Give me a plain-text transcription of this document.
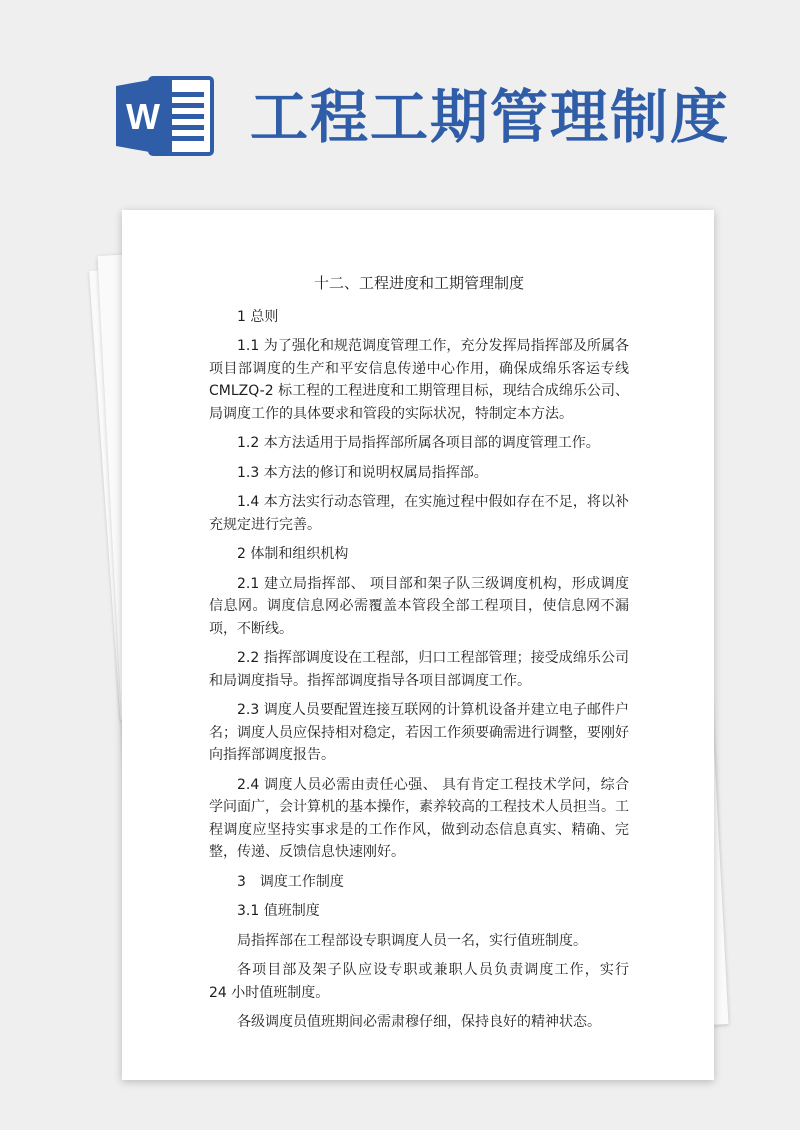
W 工程工期管理制度
十二、工程进度和工期管理制度

1 总则

1.1 为了强化和规范调度管理工作，充分发挥局指挥部及所属各项目部调度的生产和平安信息传递中心作用，确保成绵乐客运专线CMLZQ-2 标工程的工程进度和工期管理目标，现结合成绵乐公司、局调度工作的具体要求和管段的实际状况，特制定本方法。

1.2 本方法适用于局指挥部所属各项目部的调度管理工作。

1.3 本方法的修订和说明权属局指挥部。

1.4 本方法实行动态管理，在实施过程中假如存在不足，将以补充规定进行完善。

2 体制和组织机构

2.1 建立局指挥部、 项目部和架子队三级调度机构，形成调度信息网。调度信息网必需覆盖本管段全部工程项目，使信息网不漏项，不断线。

2.2 指挥部调度设在工程部，归口工程部管理；接受成绵乐公司和局调度指导。指挥部调度指导各项目部调度工作。

2.3 调度人员要配置连接互联网的计算机设备并建立电子邮件户名；调度人员应保持相对稳定，若因工作须要确需进行调整，要刚好向指挥部调度报告。

2.4 调度人员必需由责任心强、 具有肯定工程技术学问，综合学问面广，会计算机的基本操作，素养较高的工程技术人员担当。工程调度应坚持实事求是的工作作风，做到动态信息真实、精确、完整，传递、反馈信息快速刚好。

3　调度工作制度

3.1 值班制度

局指挥部在工程部设专职调度人员一名，实行值班制度。

各项目部及架子队应设专职或兼职人员负责调度工作，实行　24 小时值班制度。

各级调度员值班期间必需肃穆仔细，保持良好的精神状态。
